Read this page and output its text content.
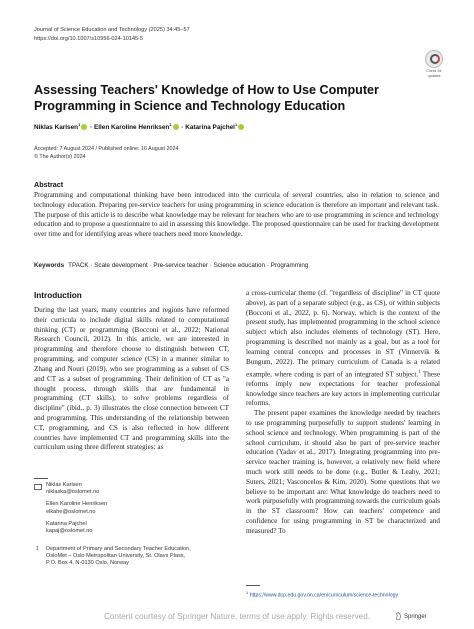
Journal of Science Education and Technology (2025) 34:45–57
https://doi.org/10.1007/s10956-024-10145-5
Check for
updates
Assessing Teachers' Knowledge of How to Use Computer Programming in Science and Technology Education
Niklas Karlsen$^1$ · Ellen Karoline Henriksen$^1$ · Katarina Pajchel$^1$
Accepted: 7 August 2024 / Published online: 16 August 2024
© The Author(s) 2024
Abstract
Programming and computational thinking have been introduced into the curricula of several countries, also in relation to science and technology education. Preparing pre-service teachers for using programming in science education is therefore an important and relevant task. The purpose of this article is to describe what knowledge may be relevant for teachers who are to use programming in science and technology education and to propose a questionnaire to aid in assessing this knowledge. The proposed questionnaire can be used for tracking development over time and for identifying areas where teachers need more knowledge.
Keywords TPACK · Scale development · Pre-service teacher · Science education · Programming
Introduction
During the last years, many countries and regions have reformed their curricula to include digital skills related to computational thinking (CT) or programming (Bocconi et al., 2022; National Research Council, 2012). In this article, we are interested in programming and therefore choose to distinguish between CT, programming, and computer science (CS) in a manner similar to Zhang and Nouri (2019), who see programming as a subset of CS and CT as a subset of programming. Their definition of CT as "a thought process, through skills that are fundamental in programming (CT skills), to solve problems regardless of discipline" (ibid., p. 3) illustrates the close connection between CT and programming. This understanding of the relationship between CT, programming, and CS is also reflected in how different countries have implemented CT and programming skills into the curriculum using three different strategies: as
a cross-curricular theme (cf. "regardless of discipline" in CT quote above), as part of a separate subject (e.g., as CS), or within subjects (Bocconi et al., 2022, p. 6). Norway, which is the context of the present study, has implemented programming in the school science subject which also includes elements of technology (ST). Here, programming is described not mainly as a goal, but as a tool for learning central concepts and processes in ST (Vinnervik & Bungum, 2022). The primary curriculum of Canada is a related example, where coding is part of an integrated ST subject.$^1$ These reforms imply new expectations for teacher professional knowledge since teachers are key actors in implementing curricular reforms.
The present paper examines the knowledge needed by teachers to use programming purposefully to support students' learning in school science and technology. When programming is part of the school curriculum, it should also be part of pre-service teacher education (Yadav et al., 2017). Integrating programming into pre-service teacher training is, however, a relatively new field where much work still needs to be done (e.g., Butler & Leahy, 2021; Suters, 2021; Vasconcelos & Kim, 2020). Some questions that we believe to be important are: What knowledge do teachers need to work purposefully with programming towards the curriculum goals in the ST classroom? How can teachers' competence and confidence for using programming in ST be characterized and measured? To
Niklas Karlsen
niklaska@oslomet.no
Ellen Karoline Henriksen
elkahe@oslomet.no
Katarina Pajchel
kapaj@oslomet.no
1 Department of Primary and Secondary Teacher Education,
OsloMet – Oslo Metropolitan University, St. Olavs Plass,
P.O. Box 4, N-0130 Oslo, Norway
$^1$ https://www.dcp.edu.gov.on.ca/en/curriculum/science-technology
Content courtesy of Springer Nature, terms of use apply. Rights reserved.	Springer
